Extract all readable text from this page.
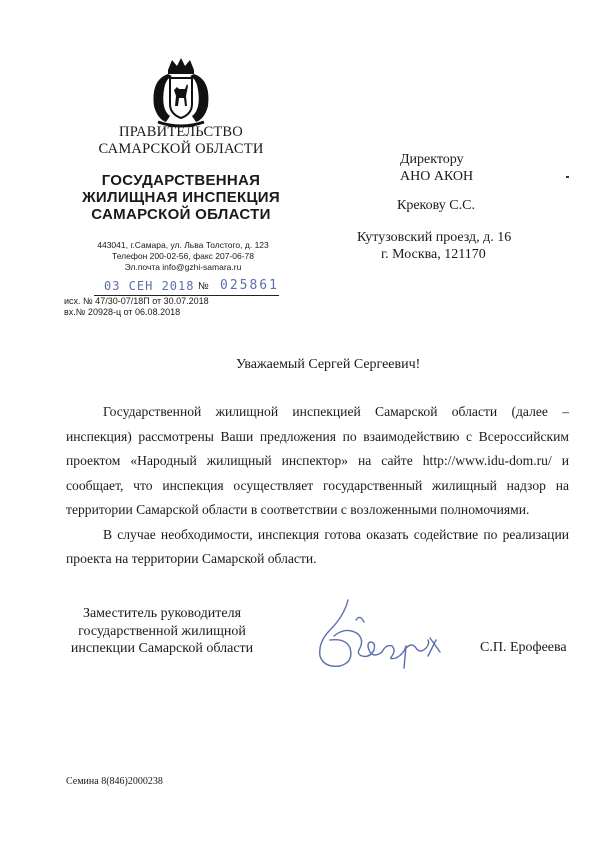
ПРАВИТЕЛЬСТВО
САМАРСКОЙ ОБЛАСТИ
ГОСУДАРСТВЕННАЯ
ЖИЛИЩНАЯ ИНСПЕКЦИЯ
САМАРСКОЙ ОБЛАСТИ
443041, г.Самара, ул. Льва Толстого, д. 123
Телефон 200-02-56, факс 207-06-78
Эл.почта info@gzhi-samara.ru
03 СЕН 2018 № 025861
исх. № 47/30-07/18П от 30.07.2018
вх.№ 20928-ц от 06.08.2018
Директору
АНО АКОН
Крекову С.С.
Кутузовский проезд, д. 16
г. Москва, 121170
Уважаемый Сергей Сергеевич!

Государственной жилищной инспекцией Самарской области (далее – инспекция) рассмотрены Ваши предложения по взаимодействию с Всероссийским проектом «Народный жилищный инспектор» на сайте http://www.idu-dom.ru/ и сообщает, что инспекция осуществляет государственный жилищный надзор на территории Самарской области в соответствии с возложенными полномочиями.

В случае необходимости, инспекция готова оказать содействие по реализации проекта на территории Самарской области.

Заместитель руководителя
государственной жилищной
инспекции Самарской области	С.П. Ерофеева
Семина 8(846)2000238
